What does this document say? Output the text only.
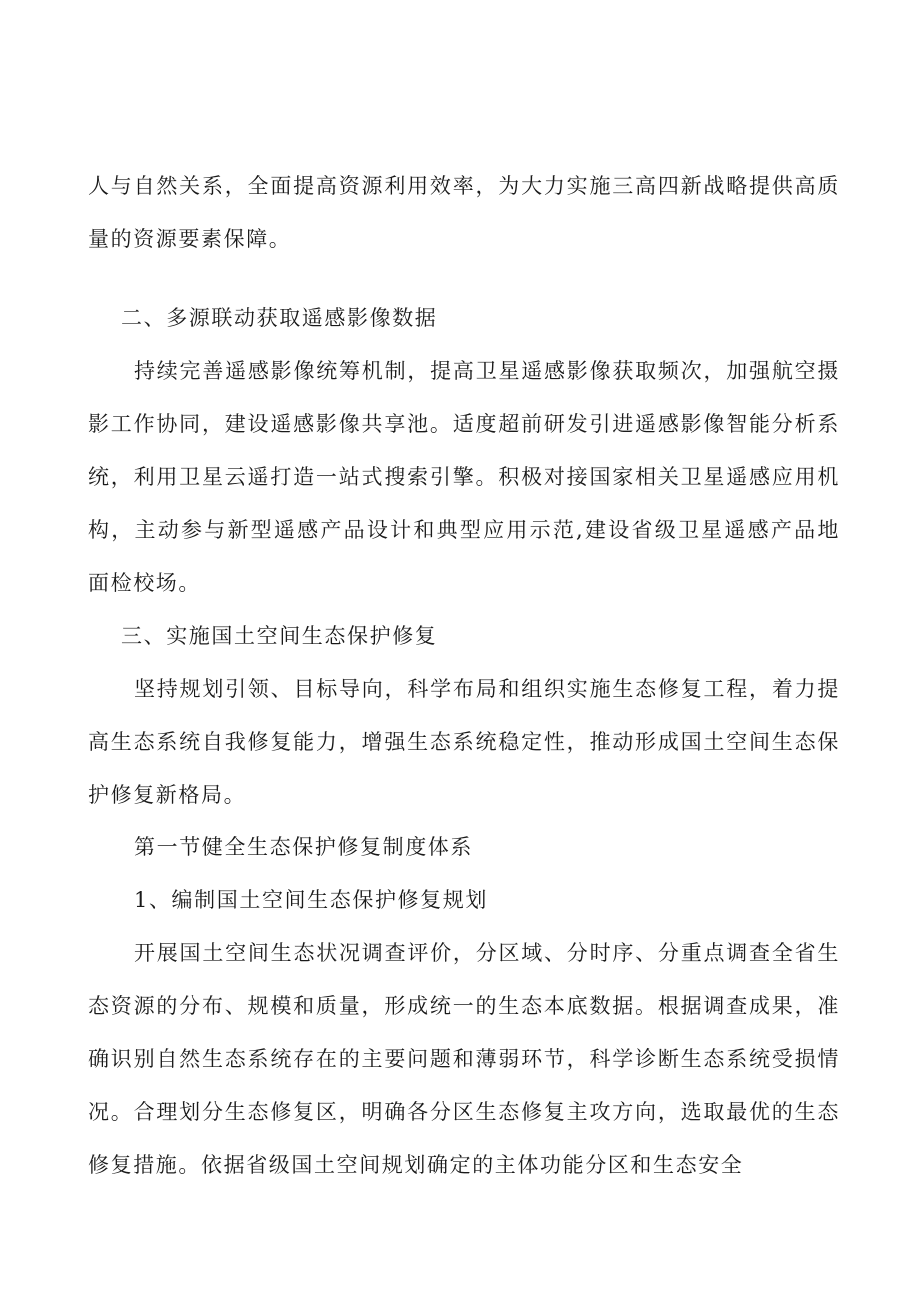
人与自然关系，全面提高资源利用效率，为大力实施三高四新战略提供高质量的资源要素保障。

二、多源联动获取遥感影像数据

持续完善遥感影像统筹机制，提高卫星遥感影像获取频次，加强航空摄影工作协同，建设遥感影像共享池。适度超前研发引进遥感影像智能分析系统，利用卫星云遥打造一站式搜索引擎。积极对接国家相关卫星遥感应用机构，主动参与新型遥感产品设计和典型应用示范,建设省级卫星遥感产品地面检校场。

三、实施国土空间生态保护修复

坚持规划引领、目标导向，科学布局和组织实施生态修复工程，着力提高生态系统自我修复能力，增强生态系统稳定性，推动形成国土空间生态保护修复新格局。

第一节健全生态保护修复制度体系

1、编制国土空间生态保护修复规划

开展国土空间生态状况调查评价，分区域、分时序、分重点调查全省生态资源的分布、规模和质量，形成统一的生态本底数据。根据调查成果，准确识别自然生态系统存在的主要问题和薄弱环节，科学诊断生态系统受损情况。合理划分生态修复区，明确各分区生态修复主攻方向，选取最优的生态修复措施。依据省级国土空间规划确定的主体功能分区和生态安全
